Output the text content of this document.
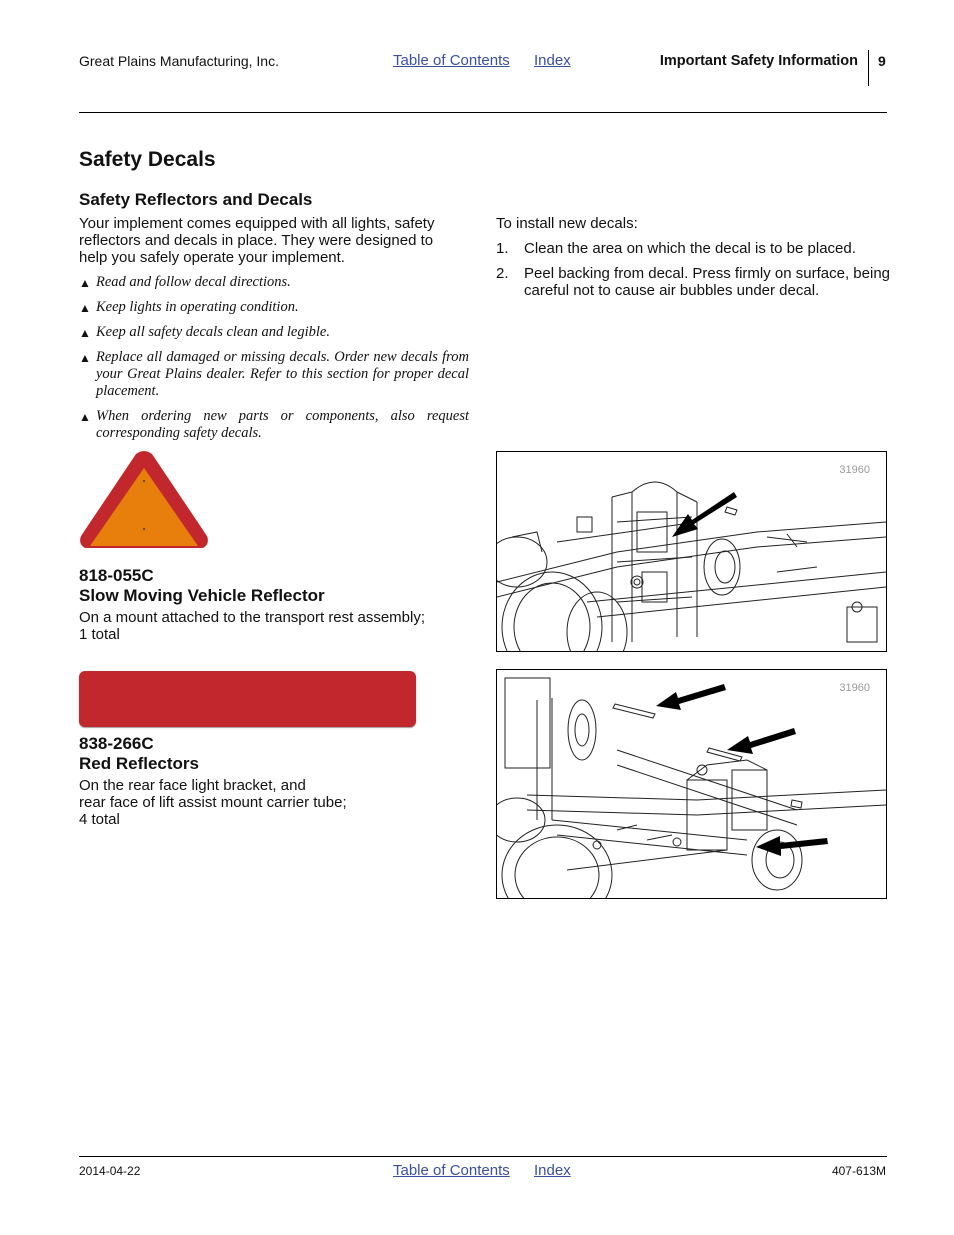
Great Plains Manufacturing, Inc.	Table of Contents Index	Important Safety Information 9
Safety Decals
Safety Reflectors and Decals
Your implement comes equipped with all lights, safety reflectors and decals in place. They were designed to help you safely operate your implement.
▲ Read and follow decal directions.
▲ Keep lights in operating condition.
▲ Keep all safety decals clean and legible.
▲ Replace all damaged or missing decals. Order new decals from your Great Plains dealer. Refer to this section for proper decal placement.
▲ When ordering new parts or components, also request corresponding safety decals.
To install new decals:
1. Clean the area on which the decal is to be placed.
2. Peel backing from decal. Press firmly on surface, being careful not to cause air bubbles under decal.
818-055C
Slow Moving Vehicle Reflector
On a mount attached to the transport rest assembly;
1 total
838-266C
Red Reflectors
On the rear face light bracket, and
rear face of lift assist mount carrier tube;
4 total
31960
31960
2014-04-22	Table of Contents Index	407-613M
